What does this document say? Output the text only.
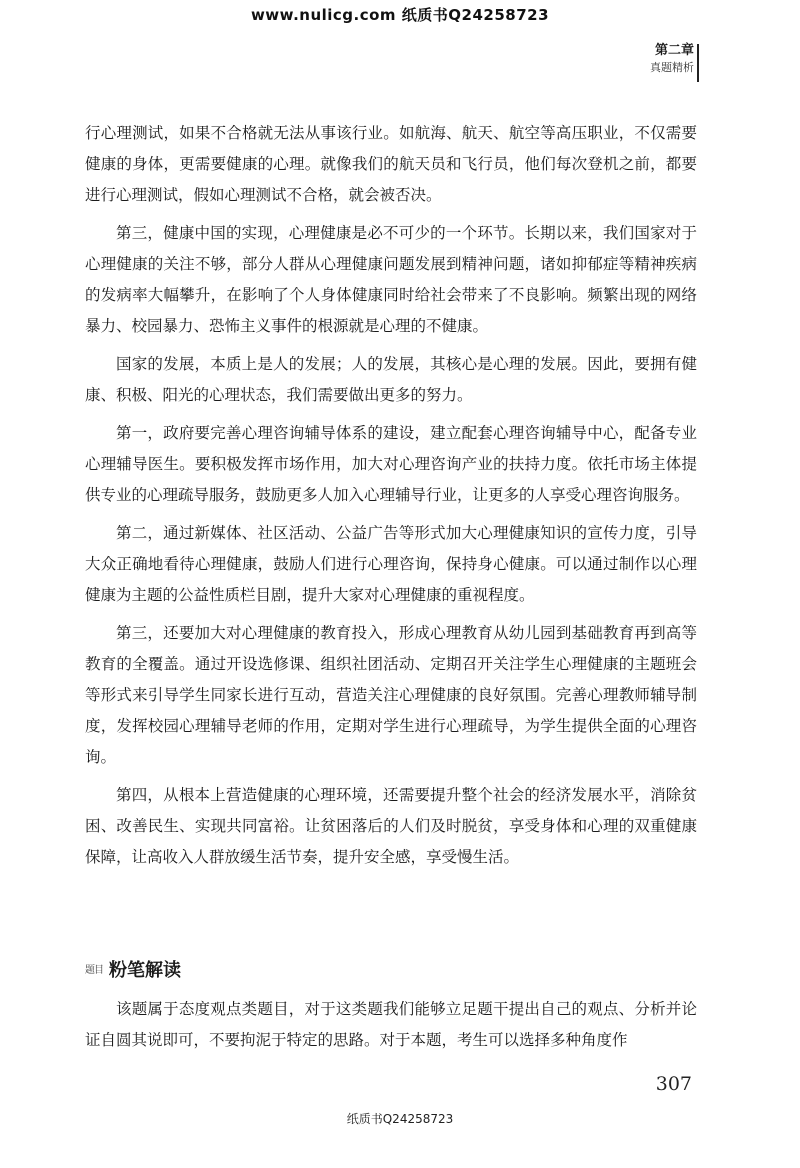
www.nulicg.com 纸质书Q24258723
第二章
真题精析

行心理测试，如果不合格就无法从事该行业。如航海、航天、航空等高压职业，不仅需要健康的身体，更需要健康的心理。就像我们的航天员和飞行员，他们每次登机之前，都要进行心理测试，假如心理测试不合格，就会被否决。

第三，健康中国的实现，心理健康是必不可少的一个环节。长期以来，我们国家对于心理健康的关注不够，部分人群从心理健康问题发展到精神问题，诸如抑郁症等精神疾病的发病率大幅攀升，在影响了个人身体健康同时给社会带来了不良影响。频繁出现的网络暴力、校园暴力、恐怖主义事件的根源就是心理的不健康。

国家的发展，本质上是人的发展；人的发展，其核心是心理的发展。因此，要拥有健康、积极、阳光的心理状态，我们需要做出更多的努力。

第一，政府要完善心理咨询辅导体系的建设，建立配套心理咨询辅导中心，配备专业心理辅导医生。要积极发挥市场作用，加大对心理咨询产业的扶持力度。依托市场主体提供专业的心理疏导服务，鼓励更多人加入心理辅导行业，让更多的人享受心理咨询服务。

第二，通过新媒体、社区活动、公益广告等形式加大心理健康知识的宣传力度，引导大众正确地看待心理健康，鼓励人们进行心理咨询，保持身心健康。可以通过制作以心理健康为主题的公益性质栏目剧，提升大家对心理健康的重视程度。

第三，还要加大对心理健康的教育投入，形成心理教育从幼儿园到基础教育再到高等教育的全覆盖。通过开设选修课、组织社团活动、定期召开关注学生心理健康的主题班会等形式来引导学生同家长进行互动，营造关注心理健康的良好氛围。完善心理教师辅导制度，发挥校园心理辅导老师的作用，定期对学生进行心理疏导，为学生提供全面的心理咨询。

第四，从根本上营造健康的心理环境，还需要提升整个社会的经济发展水平，消除贫困、改善民生、实现共同富裕。让贫困落后的人们及时脱贫，享受身体和心理的双重健康保障，让高收入人群放缓生活节奏，提升安全感，享受慢生活。

题目 粉笔解读

该题属于态度观点类题目，对于这类题我们能够立足题干提出自己的观点、分析并论证自圆其说即可，不要拘泥于特定的思路。对于本题，考生可以选择多种角度作

307
纸质书Q24258723
